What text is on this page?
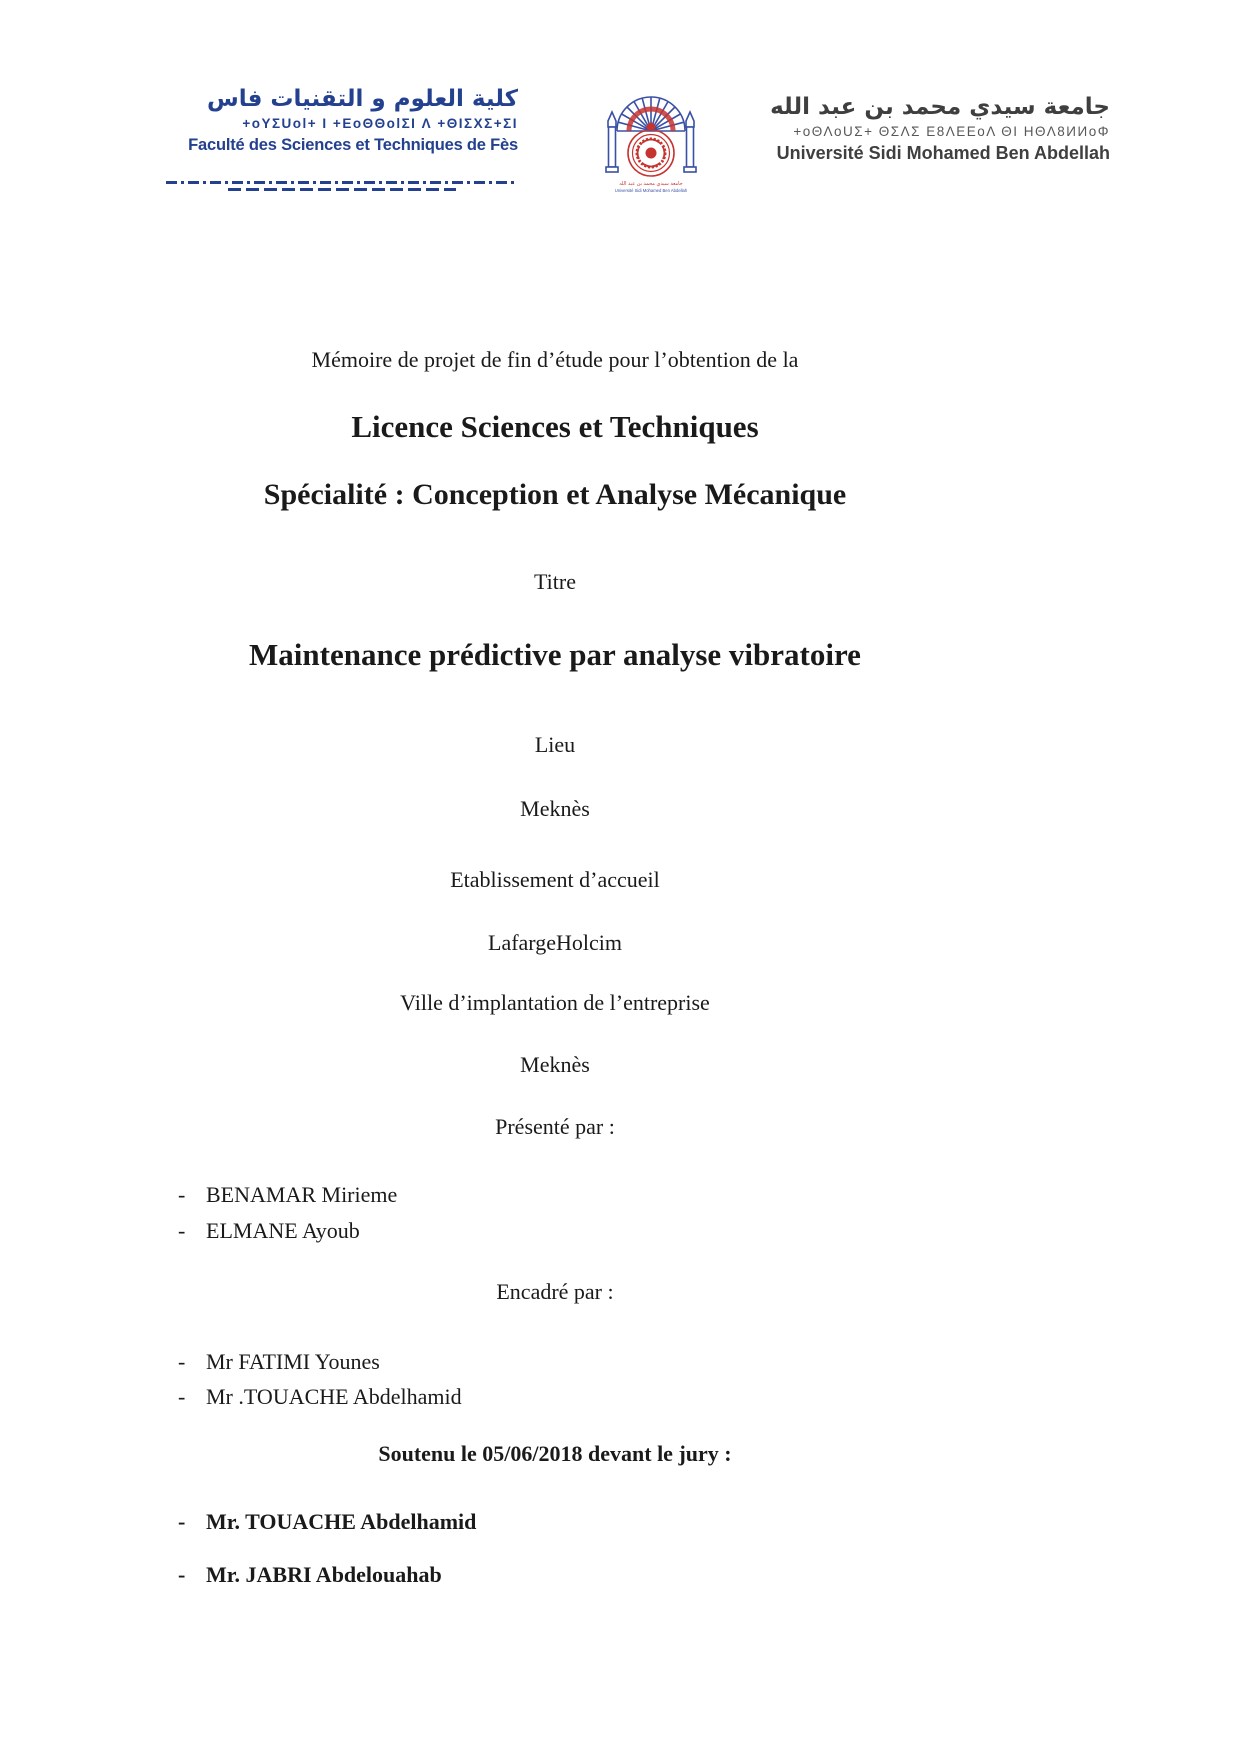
كلية العلوم و التقنيات فاس
+oYΣUol+ I +EoΘΘolΣI Λ +ΘIΣXΣ+ΣI
Faculté des Sciences et Techniques de Fès
جامعة سيدي محمد بن عبد الله
Université Sidi Mohamed Ben Abdellah
جامعة سيدي محمد بن عبد الله
+oΘΛoUΣ+ ΘΣΛΣ Ε8ΛΕΕoΛ ΘΙ ΗΘΛ8ИИoΦ
Université Sidi Mohamed Ben Abdellah
Mémoire de projet de fin d’étude pour l’obtention de la
Licence Sciences et Techniques
Spécialité : Conception et Analyse Mécanique
Titre
Maintenance prédictive par analyse vibratoire
Lieu
Meknès
Etablissement d’accueil
LafargeHolcim
Ville d’implantation de l’entreprise
Meknès
Présenté par :
- BENAMAR Mirieme
- ELMANE Ayoub
Encadré par :
- Mr FATIMI Younes
- Mr .TOUACHE Abdelhamid
Soutenu le 05/06/2018 devant le jury :
- Mr. TOUACHE Abdelhamid
- Mr. JABRI Abdelouahab
